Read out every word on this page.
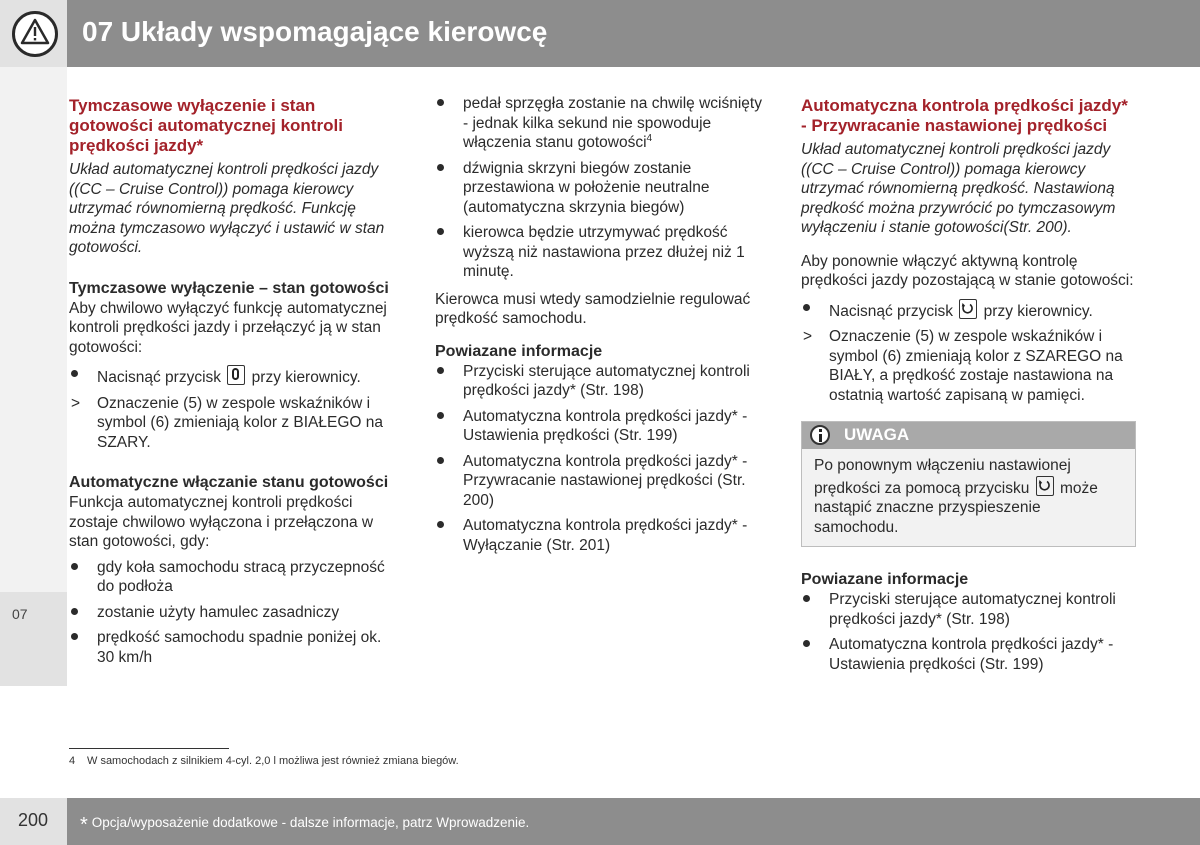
07 Układy wspomagające kierowcę
07
Tymczasowe wyłączenie i stan gotowości automatycznej kontroli prędkości jazdy*

Układ automatycznej kontroli prędkości jazdy ((CC – Cruise Control)) pomaga kierowcy utrzymać równomierną prędkość. Funkcję można tymczasowo wyłączyć i ustawić w stan gotowości.

Tymczasowe wyłączenie – stan gotowości

Aby chwilowo wyłączyć funkcję automatycznej kontroli prędkości jazdy i przełączyć ją w stan gotowości:

Nacisnąć przycisk przy kierownicy.
>	Oznaczenie (5) w zespole wskaźników i symbol (6) zmieniają kolor z BIAŁEGO na SZARY.
Automatyczne włączanie stanu gotowości

Funkcja automatycznej kontroli prędkości zostaje chwilowo wyłączona i przełączona w stan gotowości, gdy:

gdy koła samochodu stracą przyczepność do podłoża
zostanie użyty hamulec zasadniczy
prędkość samochodu spadnie poniżej ok. 30 km/h
pedał sprzęgła zostanie na chwilę wciśnięty - jednak kilka sekund nie spowoduje włączenia stanu gotowości$^4$
dźwignia skrzyni biegów zostanie przestawiona w położenie neutralne (automatyczna skrzynia biegów)
kierowca będzie utrzymywać prędkość wyższą niż nastawiona przez dłużej niż 1 minutę.

Kierowca musi wtedy samodzielnie regulować prędkość samochodu.

Powiazane informacje
Przyciski sterujące automatycznej kontroli prędkości jazdy* (Str. 198)
Automatyczna kontrola prędkości jazdy* - Ustawienia prędkości (Str. 199)
Automatyczna kontrola prędkości jazdy* - Przywracanie nastawionej prędkości (Str. 200)
Automatyczna kontrola prędkości jazdy* - Wyłączanie (Str. 201)
Automatyczna kontrola prędkości jazdy* - Przywracanie nastawionej prędkości

Układ automatycznej kontroli prędkości jazdy ((CC – Cruise Control)) pomaga kierowcy utrzymać równomierną prędkość. Nastawioną prędkość można przywrócić po tymczasowym wyłączeniu i stanie gotowości(Str. 200).

Aby ponownie włączyć aktywną kontrolę prędkości jazdy pozostającą w stanie gotowości:

Nacisnąć przycisk przy kierownicy.
>	Oznaczenie (5) w zespole wskaźników i symbol (6) zmieniają kolor z SZAREGO na BIAŁY, a prędkość zostaje nastawiona na ostatnią wartość zapisaną w pamięci.
UWAGA
Po ponownym włączeniu nastawionej prędkości za pomocą przycisku może nastąpić znaczne przyspieszenie samochodu.
Powiazane informacje
Przyciski sterujące automatycznej kontroli prędkości jazdy* (Str. 198)
Automatyczna kontrola prędkości jazdy* - Ustawienia prędkości (Str. 199)
4 W samochodach z silnikiem 4-cyl. 2,0 l możliwa jest również zmiana biegów.
200 * Opcja/wyposażenie dodatkowe - dalsze informacje, patrz Wprowadzenie.
